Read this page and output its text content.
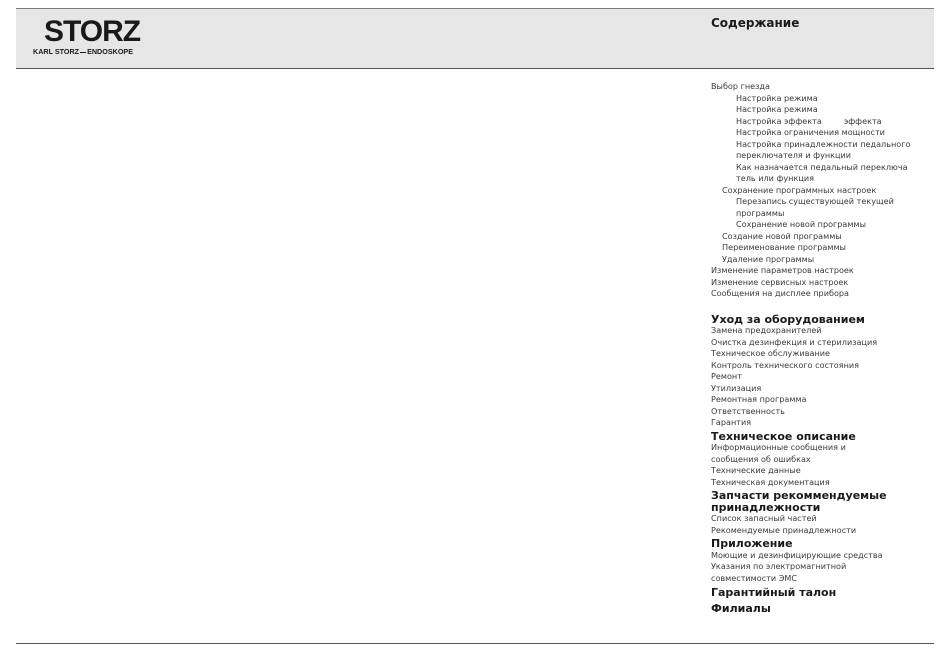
STORZ
KARL STORZ ENDOSKOPE
Содержание
Выбор гнезда
Настройка режима
Настройка режима
Настройка эффекта	эффекта
Настройка ограничения мощности
Настройка принадлежности педального
переключателя и функции
Как назначается педальный переключа
тель или функция
Сохранение программных настроек
Перезапись существующей текущей
программы
Сохранение новой программы
Создание новой программы
Переименование программы
Удаление программы
Изменение параметров настроек
Изменение сервисных настроек
Сообщения на дисплее прибора
Уход за оборудованием
Замена предохранителей
Очистка дезинфекция и стерилизация
Техническое обслуживание
Контроль технического состояния
Ремонт
Утилизация
Ремонтная программа
Ответственность
Гарантия
Техническое описание
Информационные сообщения и
сообщения об ошибках
Технические данные
Техническая документация
Запчасти рекоммендуемые
принадлежности
Список запасный частей
Рекомендуемые принадлежности
Приложение
Моющие и дезинфицирующие средства
Указания по электромагнитной
совместимости ЭМС
Гарантийный талон
Филиалы
